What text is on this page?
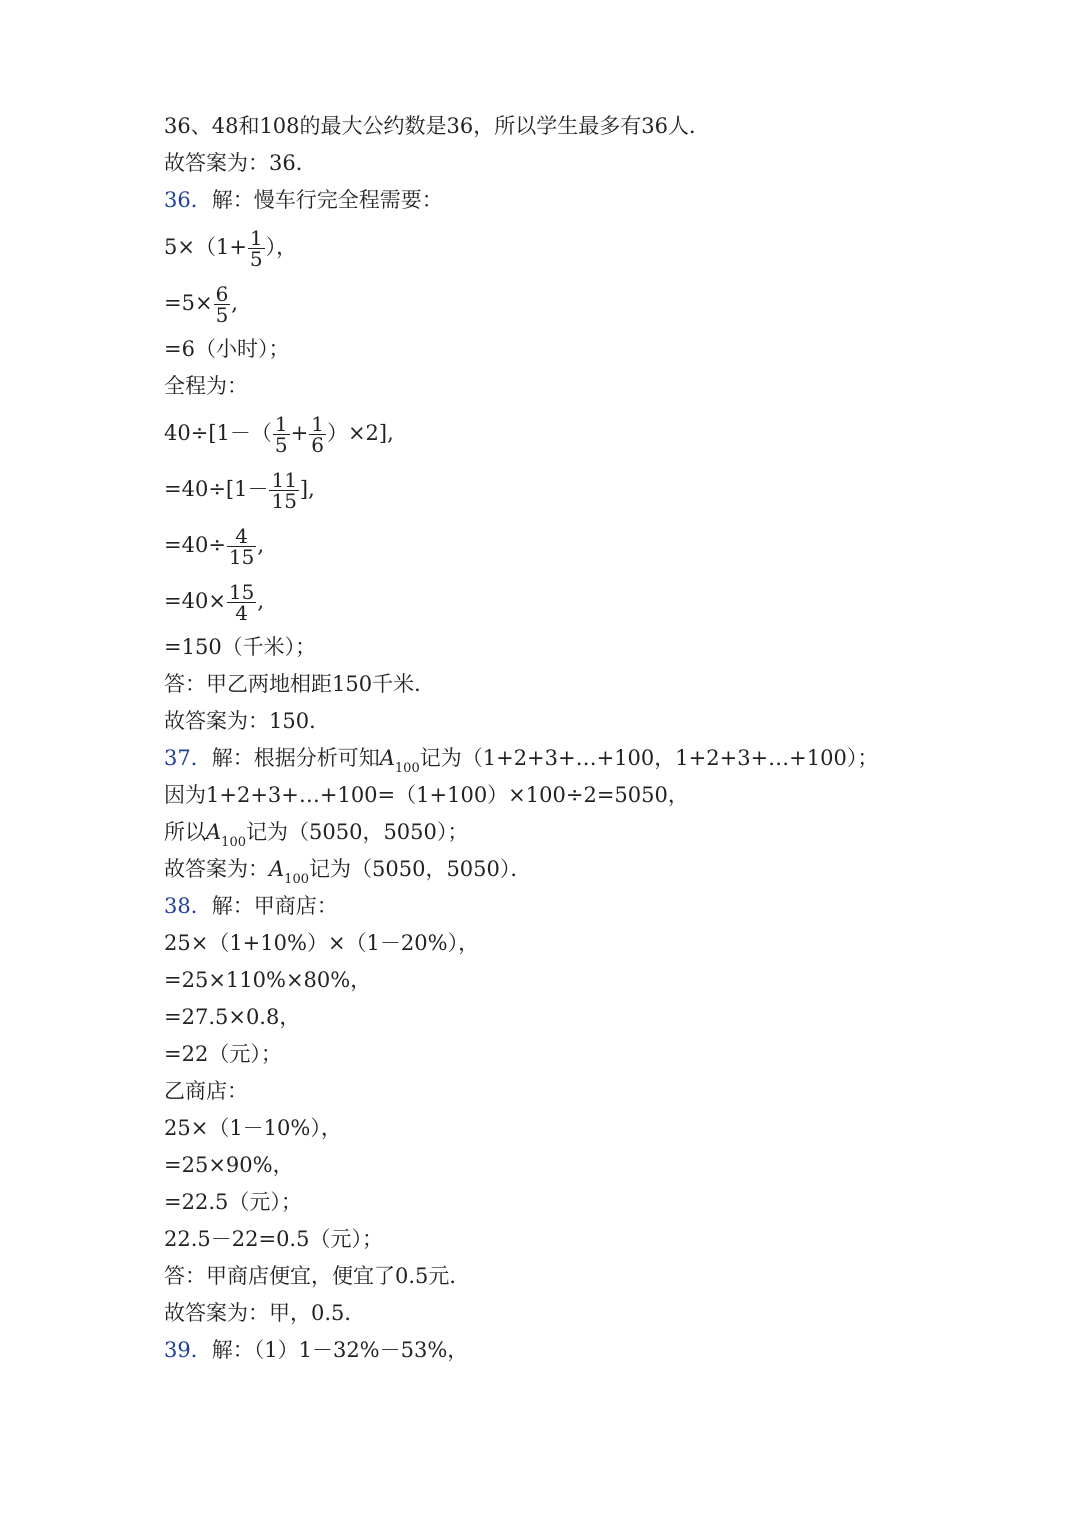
36、48和108的最大公约数是36，所以学生最多有36人．
故答案为：36．
36．解：慢车行完全程需要：
$5\times(1+ \frac{1}{5}$ ），
$=5\times \frac{6}{5}$ ,
=6（小时）；
全程为：
$40\div[1-( \frac{1}{5} + \frac{1}{6} )\times 2]$,
$=40\div[1- \frac{11}{15}$ ],
$=40\div \frac{4}{15}$ ,
$=40\times \frac{15}{4}$ ,
=150（千米）；
答：甲乙两地相距150千米．
故答案为：150．
37．解：根据分析可知$A_{100}$记为（1+2+3+…+100，1+2+3+…+100）；
因为1+2+3+…+100=（1+100）×100÷2=5050，
所以$A_{100}$记为（5050，5050）；
故答案为：$A_{100}$记为（5050，5050）．
38．解：甲商店：
25×（1+10%）×（1－20%），
=25×110%×80%，
=27.5×0.8，
=22（元）；
乙商店：
25×（1－10%），
=25×90%，
=22.5（元）；
22.5－22=0.5（元）；
答：甲商店便宜，便宜了0.5元．
故答案为：甲，0.5．
39．解：（1）1－32%－53%，
